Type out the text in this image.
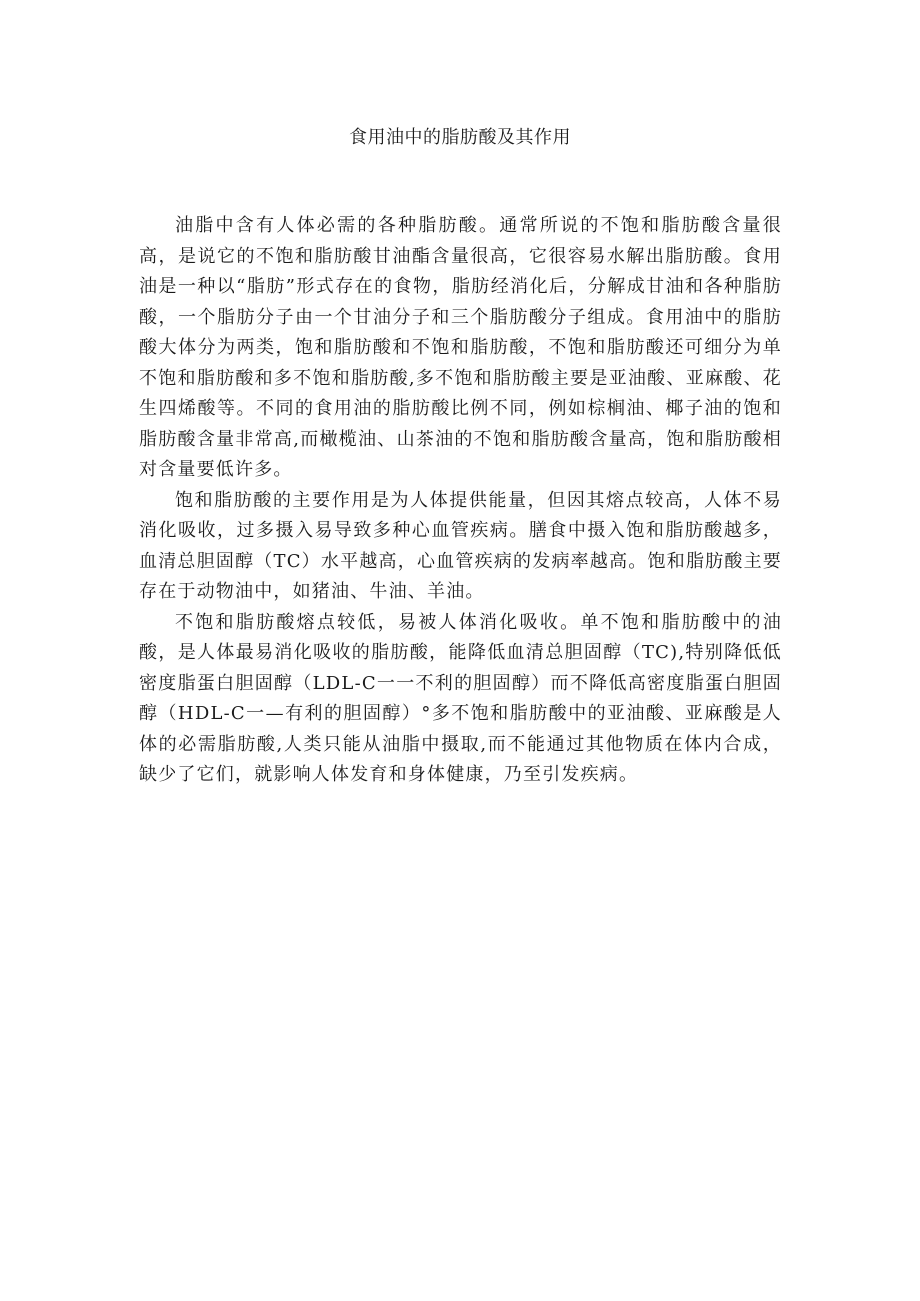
食用油中的脂肪酸及其作用

油脂中含有人体必需的各种脂肪酸。通常所说的不饱和脂肪酸含量很高，是说它的不饱和脂肪酸甘油酯含量很高，它很容易水解出脂肪酸。食用油是一种以“脂肪”形式存在的食物，脂肪经消化后，分解成甘油和各种脂肪酸，一个脂肪分子由一个甘油分子和三个脂肪酸分子组成。食用油中的脂肪酸大体分为两类，饱和脂肪酸和不饱和脂肪酸，不饱和脂肪酸还可细分为单不饱和脂肪酸和多不饱和脂肪酸,多不饱和脂肪酸主要是亚油酸、亚麻酸、花生四烯酸等。不同的食用油的脂肪酸比例不同，例如棕榈油、椰子油的饱和脂肪酸含量非常高,而橄榄油、山茶油的不饱和脂肪酸含量高，饱和脂肪酸相对含量要低许多。

饱和脂肪酸的主要作用是为人体提供能量，但因其熔点较高，人体不易消化吸收，过多摄入易导致多种心血管疾病。膳食中摄入饱和脂肪酸越多，血清总胆固醇（TC）水平越高，心血管疾病的发病率越高。饱和脂肪酸主要存在于动物油中，如猪油、牛油、羊油。

不饱和脂肪酸熔点较低，易被人体消化吸收。单不饱和脂肪酸中的油酸，是人体最易消化吸收的脂肪酸，能降低血清总胆固醇（TC),特别降低低密度脂蛋白胆固醇（LDL-C一一不利的胆固醇）而不降低高密度脂蛋白胆固醇（HDL-C一—有利的胆固醇）°多不饱和脂肪酸中的亚油酸、亚麻酸是人体的必需脂肪酸,人类只能从油脂中摄取,而不能通过其他物质在体内合成，缺少了它们，就影响人体发育和身体健康，乃至引发疾病。
